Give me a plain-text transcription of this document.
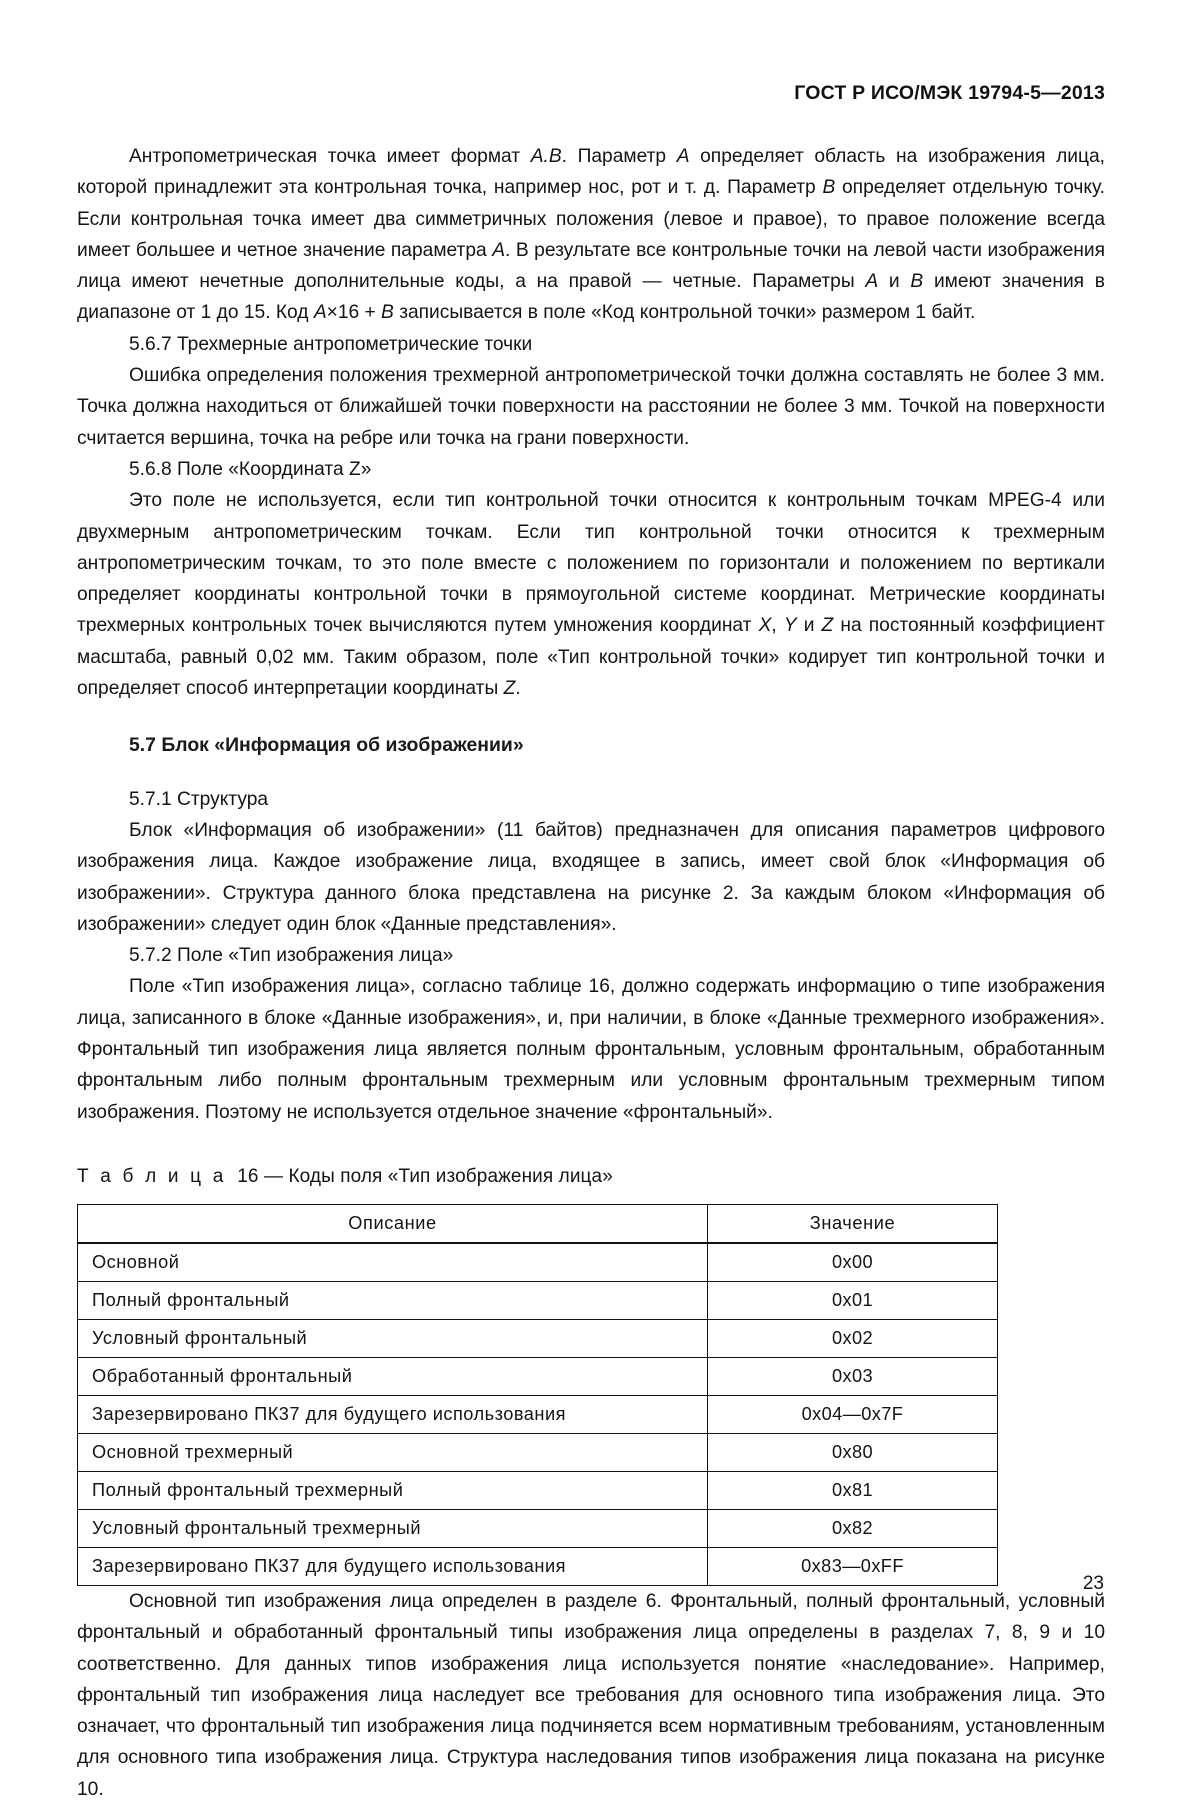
ГОСТ Р ИСО/МЭК 19794-5—2013

Антропометрическая точка имеет формат A.B. Параметр A определяет область на изображения лица, которой принадлежит эта контрольная точка, например нос, рот и т. д. Параметр B определяет отдельную точку. Если контрольная точка имеет два симметричных положения (левое и правое), то правое положение всегда имеет большее и четное значение параметра A. В результате все контрольные точки на левой части изображения лица имеют нечетные дополнительные коды, а на правой — четные. Параметры A и B имеют значения в диапазоне от 1 до 15. Код A×16 + B записывается в поле «Код контрольной точки» размером 1 байт.

5.6.7 Трехмерные антропометрические точки

Ошибка определения положения трехмерной антропометрической точки должна составлять не более 3 мм. Точка должна находиться от ближайшей точки поверхности на расстоянии не более 3 мм. Точкой на поверхности считается вершина, точка на ребре или точка на грани поверхности.

5.6.8 Поле «Координата Z»

Это поле не используется, если тип контрольной точки относится к контрольным точкам MPEG-4 или двухмерным антропометрическим точкам. Если тип контрольной точки относится к трехмерным антропометрическим точкам, то это поле вместе с положением по горизонтали и положением по вертикали определяет координаты контрольной точки в прямоугольной системе координат. Метрические координаты трехмерных контрольных точек вычисляются путем умножения координат X, Y и Z на постоянный коэффициент масштаба, равный 0,02 мм. Таким образом, поле «Тип контрольной точки» кодирует тип контрольной точки и определяет способ интерпретации координаты Z.

5.7 Блок «Информация об изображении»

5.7.1 Структура

Блок «Информация об изображении» (11 байтов) предназначен для описания параметров цифрового изображения лица. Каждое изображение лица, входящее в запись, имеет свой блок «Информация об изображении». Структура данного блока представлена на рисунке 2. За каждым блоком «Информация об изображении» следует один блок «Данные представления».

5.7.2 Поле «Тип изображения лица»

Поле «Тип изображения лица», согласно таблице 16, должно содержать информацию о типе изображения лица, записанного в блоке «Данные изображения», и, при наличии, в блоке «Данные трехмерного изображения». Фронтальный тип изображения лица является полным фронтальным, условным фронтальным, обработанным фронтальным либо полным фронтальным трехмерным или условным фронтальным трехмерным типом изображения. Поэтому не используется отдельное значение «фронтальный».

Т а б л и ц а 16 — Коды поля «Тип изображения лица»

Описание	Значение
Основной	0x00
Полный фронтальный	0x01
Условный фронтальный	0x02
Обработанный фронтальный	0x03
Зарезервировано ПК37 для будущего использования	0x04—0x7F
Основной трехмерный	0x80
Полный фронтальный трехмерный	0x81
Условный фронтальный трехмерный	0x82
Зарезервировано ПК37 для будущего использования	0x83—0xFF

Основной тип изображения лица определен в разделе 6. Фронтальный, полный фронтальный, условный фронтальный и обработанный фронтальный типы изображения лица определены в разделах 7, 8, 9 и 10 соответственно. Для данных типов изображения лица используется понятие «наследование». Например, фронтальный тип изображения лица наследует все требования для основного типа изображения лица. Это означает, что фронтальный тип изображения лица подчиняется всем нормативным требованиям, установленным для основного типа изображения лица. Структура наследования типов изображения лица показана на рисунке 10.

23
